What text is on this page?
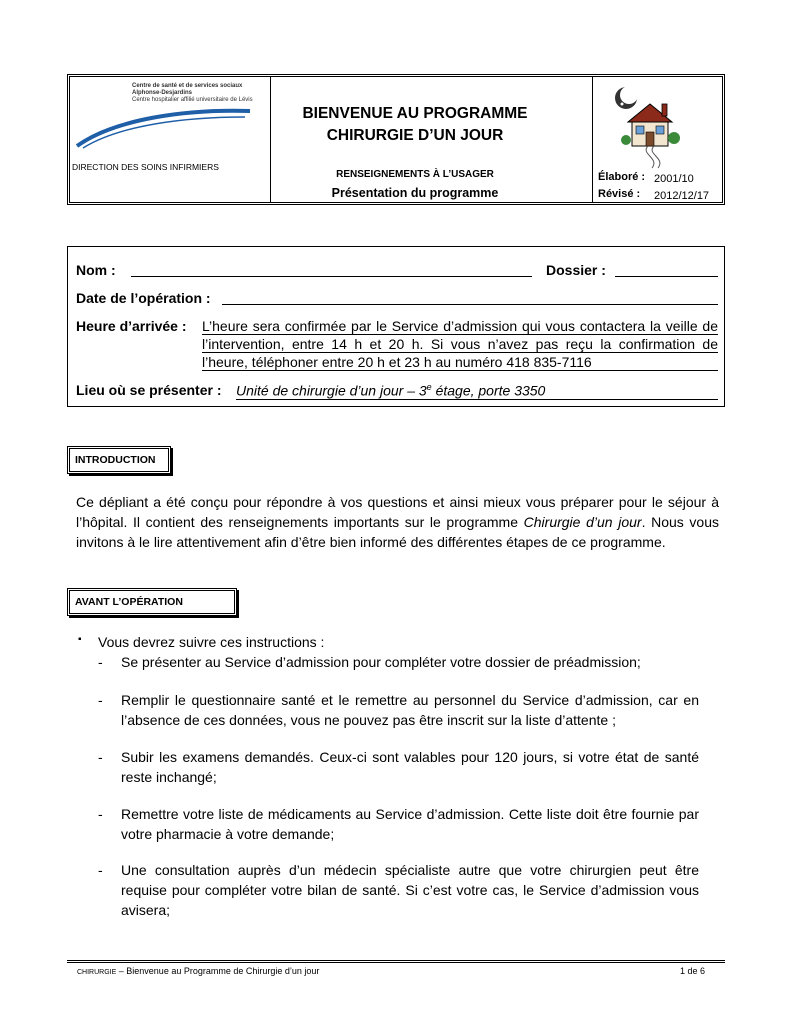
Centre de santé et de services sociaux
Alphonse-Desjardins
Centre hospitalier affilié universitaire de Lévis
DIRECTION DES SOINS INFIRMIERS
BIENVENUE AU PROGRAMME
CHIRURGIE D’UN JOUR
RENSEIGNEMENTS À L’USAGER
Présentation du programme
Élaboré : 2001/10
Révisé : 2012/12/17
Nom :	Dossier :
Date de l’opération :
Heure d’arrivée : L’heure sera confirmée par le Service d’admission qui vous contactera la veille de
l’intervention, entre 14 h et 20 h. Si vous n’avez pas reçu la confirmation de
l’heure, téléphoner entre 20 h et 23 h au numéro 418 835-7116
Lieu où se présenter : Unité de chirurgie d’un jour – 3e étage, porte 3350
INTRODUCTION
Ce dépliant a été conçu pour répondre à vos questions et ainsi mieux vous préparer pour le séjour à l’hôpital. Il contient des renseignements importants sur le programme Chirurgie d’un jour. Nous vous invitons à le lire attentivement afin d’être bien informé des différentes étapes de ce programme.
AVANT L’OPÉRATION
▪ Vous devrez suivre ces instructions :
- Se présenter au Service d’admission pour compléter votre dossier de préadmission;
- Remplir le questionnaire santé et le remettre au personnel du Service d’admission, car en l’absence de ces données, vous ne pouvez pas être inscrit sur la liste d’attente ;
- Subir les examens demandés. Ceux-ci sont valables pour 120 jours, si votre état de santé reste inchangé;
- Remettre votre liste de médicaments au Service d’admission. Cette liste doit être fournie par votre pharmacie à votre demande;
- Une consultation auprès d’un médecin spécialiste autre que votre chirurgien peut être requise pour compléter votre bilan de santé. Si c’est votre cas, le Service d’admission vous avisera;
CHIRURGIE – Bienvenue au Programme de Chirurgie d’un jour	1 de 6
